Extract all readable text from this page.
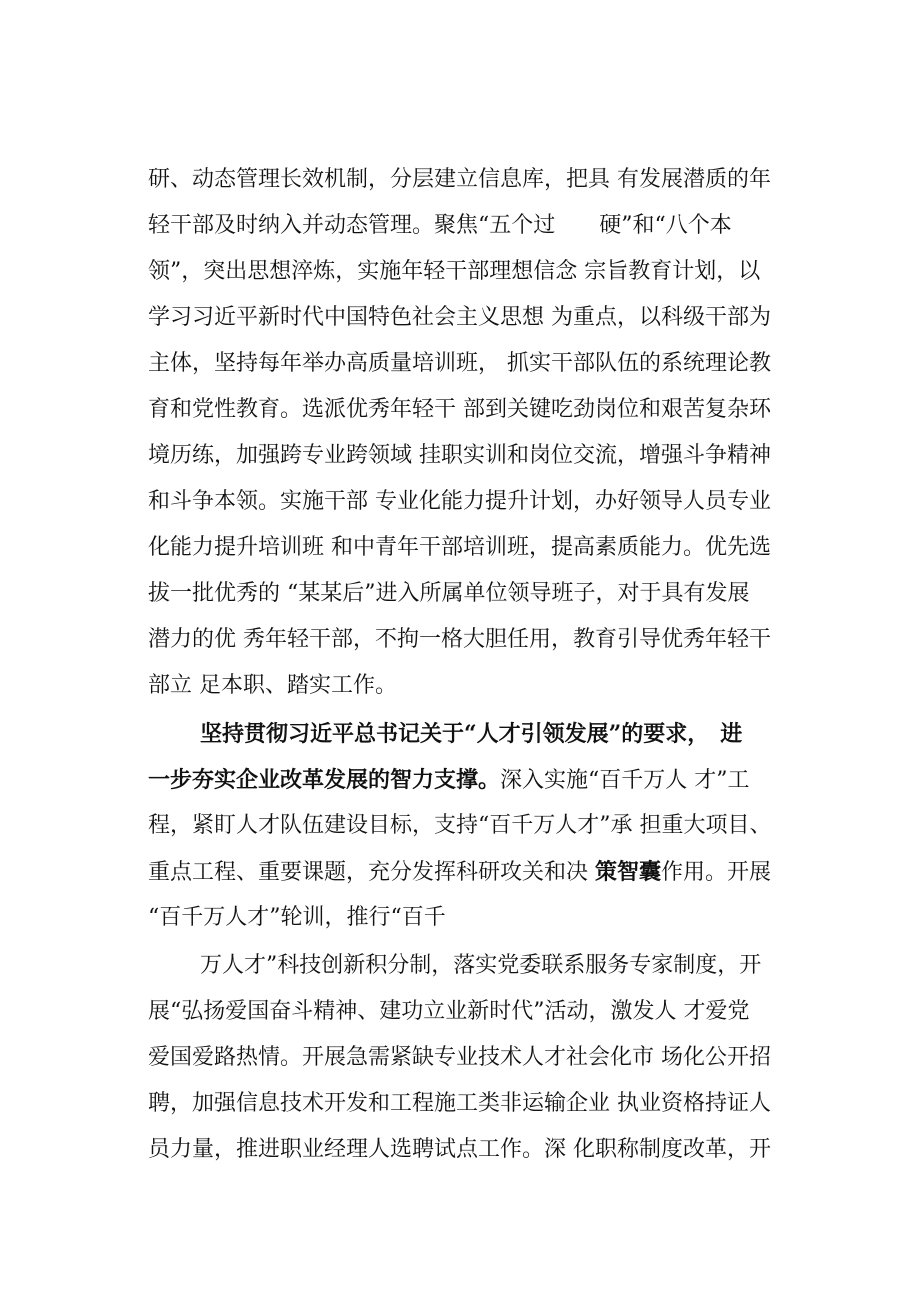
研、动态管理长效机制，分层建立信息库，把具 有发展潜质的年
轻干部及时纳入并动态管理。聚焦“五个过　　硬”和“八个本
领”，突出思想淬炼，实施年轻干部理想信念 宗旨教育计划，以
学习习近平新时代中国特色社会主义思想 为重点，以科级干部为
主体，坚持每年举办高质量培训班， 抓实干部队伍的系统理论教
育和党性教育。选派优秀年轻干 部到关键吃劲岗位和艰苦复杂环
境历练，加强跨专业跨领域 挂职实训和岗位交流，增强斗争精神
和斗争本领。实施干部 专业化能力提升计划，办好领导人员专业
化能力提升培训班 和中青年干部培训班，提高素质能力。优先选
拔一批优秀的 “某某后”进入所属单位领导班子，对于具有发展
潜力的优 秀年轻干部，不拘一格大胆任用，教育引导优秀年轻干
部立 足本职、踏实工作。
坚持贯彻习近平总书记关于“人才引领发展”的要求，　进
一步夯实企业改革发展的智力支撑。深入实施“百千万人 才”工
程，紧盯人才队伍建设目标，支持“百千万人才”承 担重大项目、
重点工程、重要课题，充分发挥科研攻关和决 策智囊作用。开展
“百千万人才”轮训，推行“百千
万人才”科技创新积分制，落实党委联系服务专家制度，开
展“弘扬爱国奋斗精神、建功立业新时代”活动，激发人 才爱党
爱国爱路热情。开展急需紧缺专业技术人才社会化市 场化公开招
聘，加强信息技术开发和工程施工类非运输企业 执业资格持证人
员力量，推进职业经理人选聘试点工作。深 化职称制度改革，开
